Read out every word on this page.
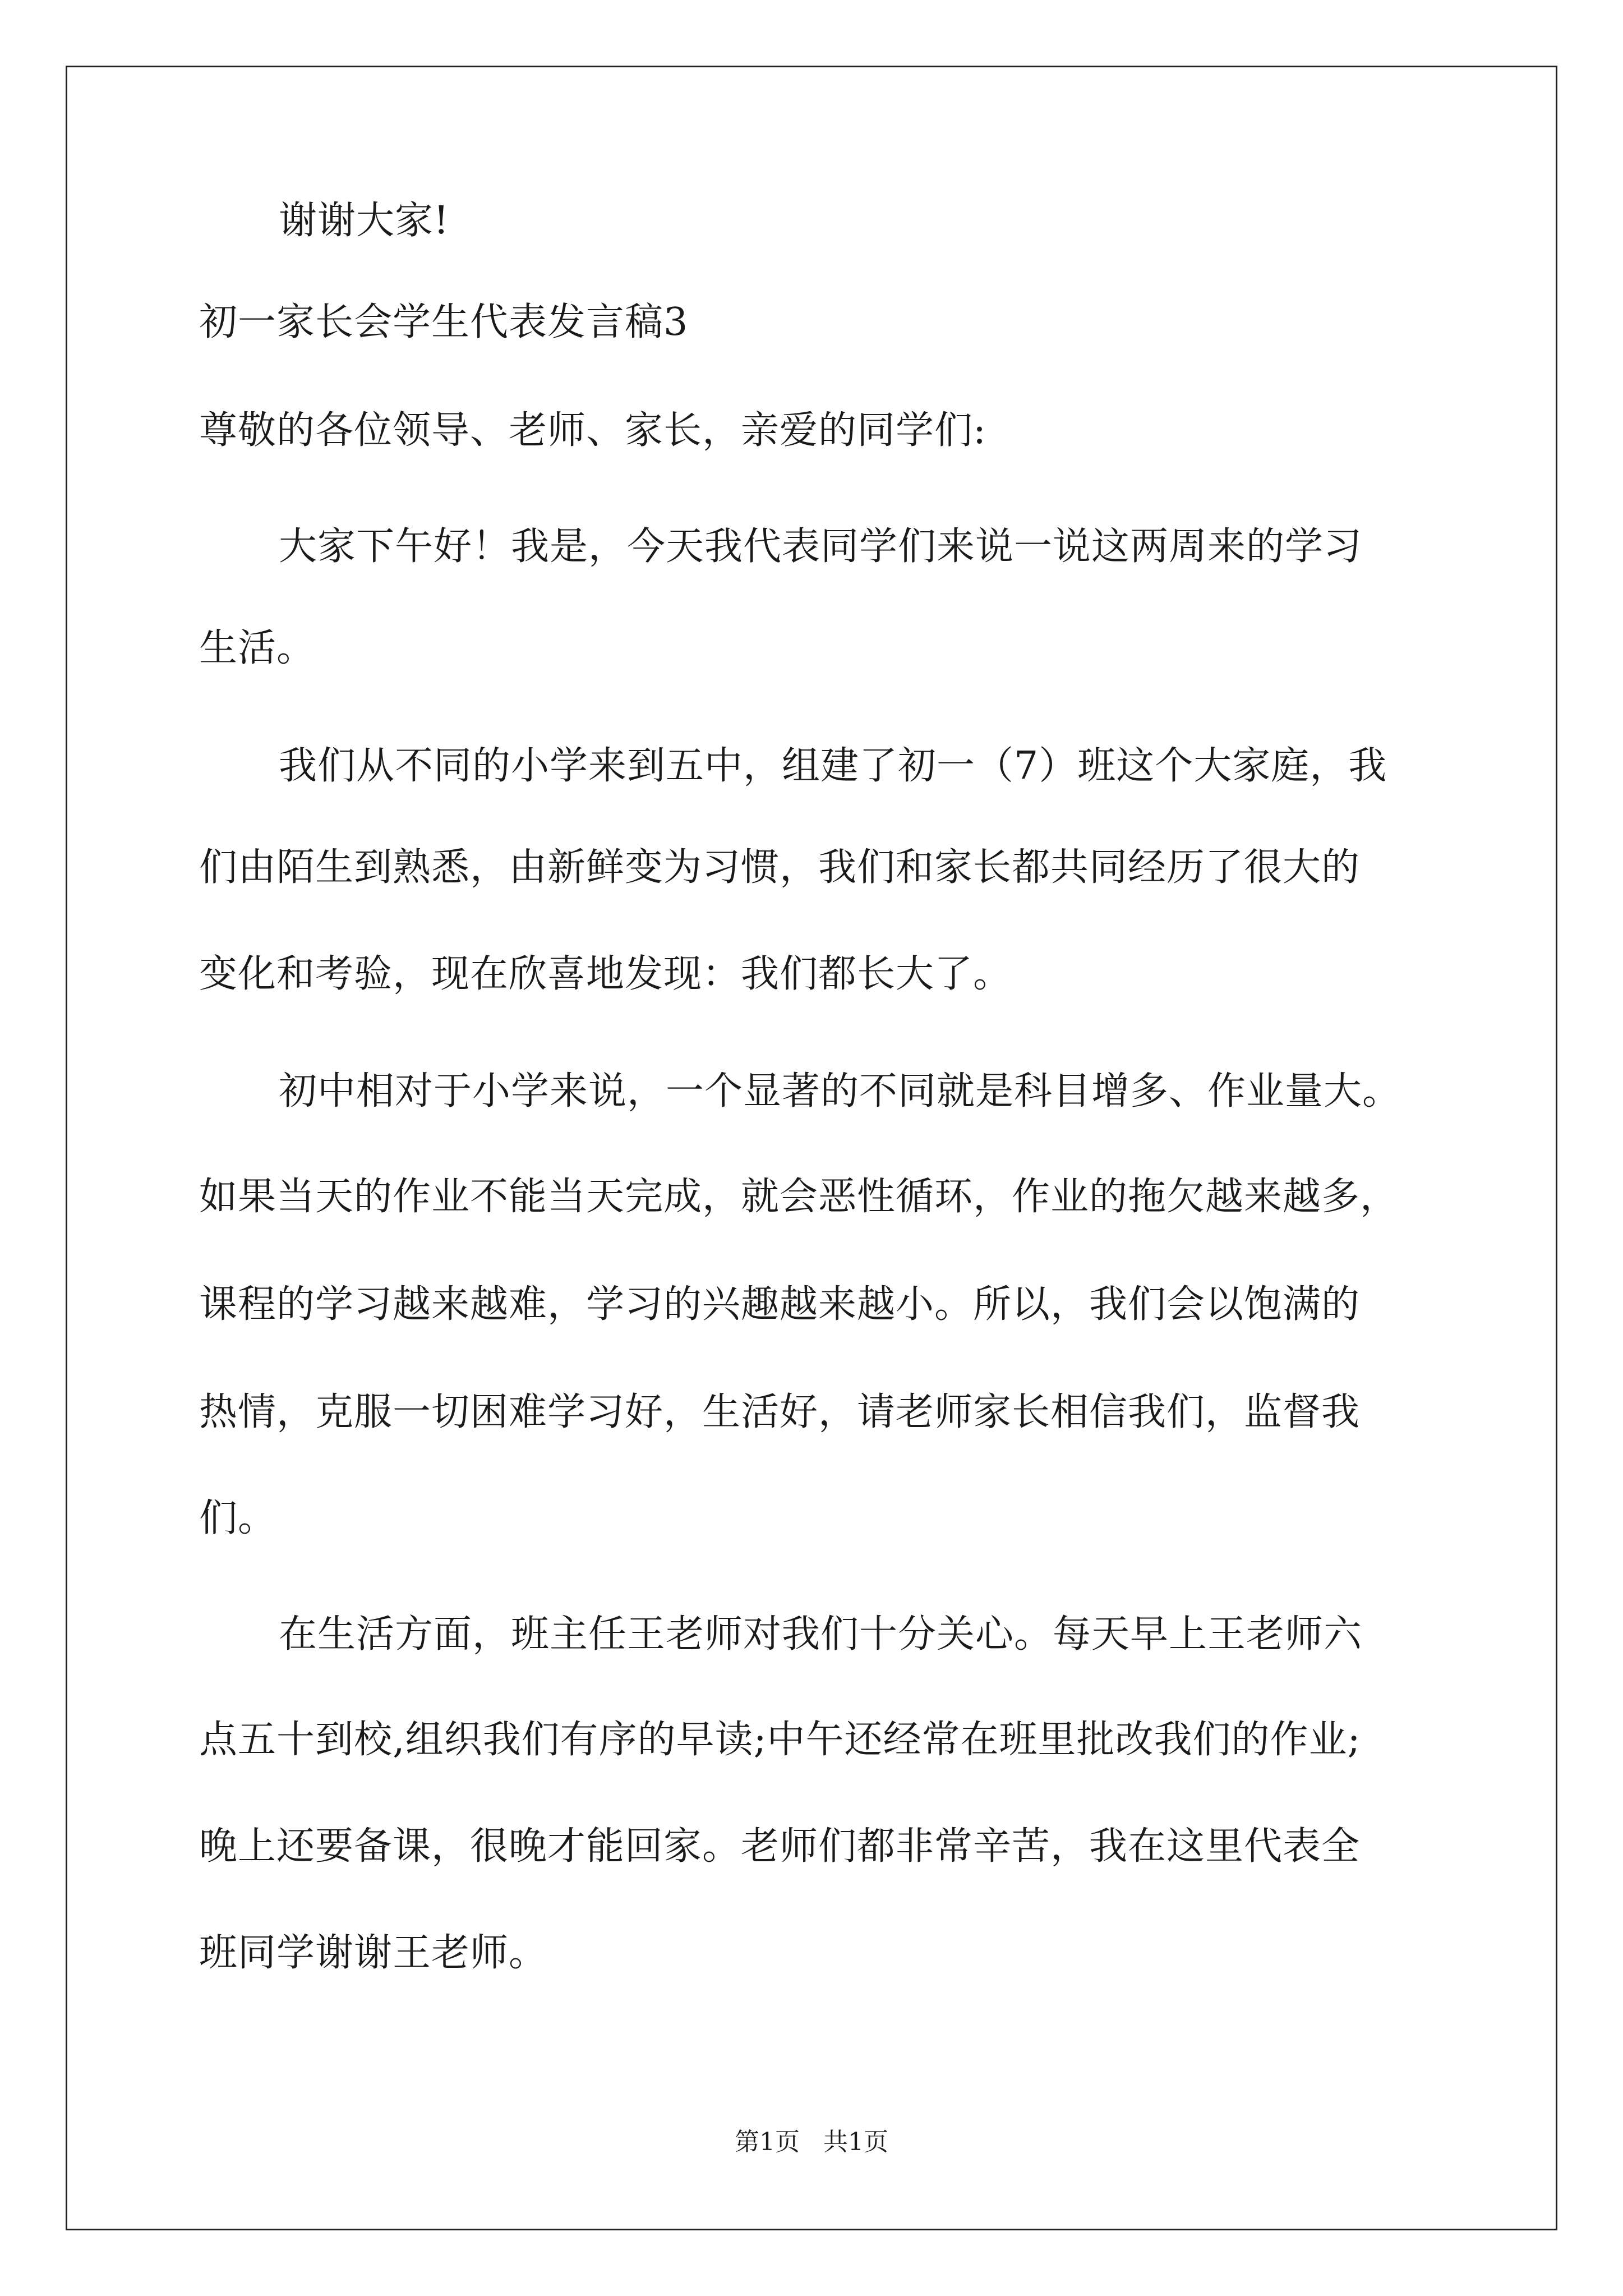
谢谢大家!
初一家长会学生代表发言稿3
尊敬的各位领导、老师、家长，亲爱的同学们:
大家下午好！我是，今天我代表同学们来说一说这两周来的学习
生活。
我们从不同的小学来到五中，组建了初一（7）班这个大家庭，我
们由陌生到熟悉，由新鲜变为习惯，我们和家长都共同经历了很大的
变化和考验，现在欣喜地发现：我们都长大了。
初中相对于小学来说，一个显著的不同就是科目增多、作业量大。
如果当天的作业不能当天完成，就会恶性循环，作业的拖欠越来越多，
课程的学习越来越难，学习的兴趣越来越小。所以，我们会以饱满的
热情，克服一切困难学习好，生活好，请老师家长相信我们，监督我
们。
在生活方面，班主任王老师对我们十分关心。每天早上王老师六
点五十到校,组织我们有序的早读;中午还经常在班里批改我们的作业;
晚上还要备课，很晚才能回家。老师们都非常辛苦，我在这里代表全
班同学谢谢王老师。
第1页   共1页
